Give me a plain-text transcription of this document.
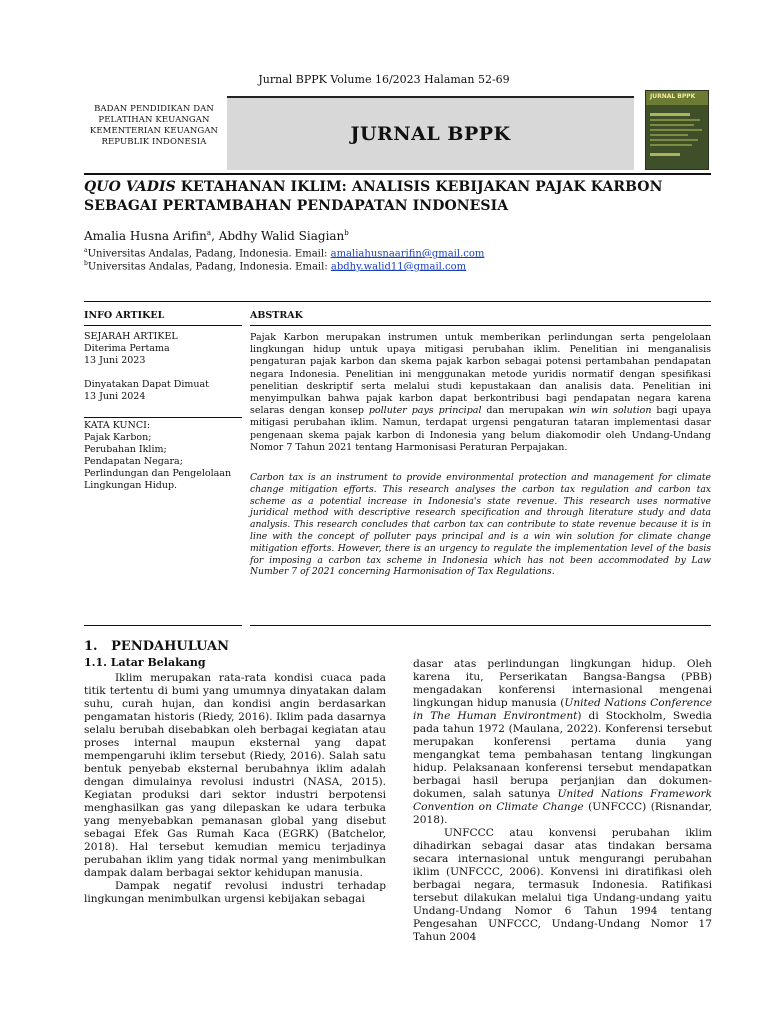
Jurnal BPPK Volume 16/2023 Halaman 52-69
BADAN PENDIDIKAN DAN
PELATIHAN KEUANGAN
KEMENTERIAN KEUANGAN
REPUBLIK INDONESIA	JURNAL BPPK
JURNAL BPPK
QUO VADIS KETAHANAN IKLIM: ANALISIS KEBIJAKAN PAJAK KARBON
SEBAGAI PERTAMBAHAN PENDAPATAN INDONESIA
Amalia Husna Arifin$^a$, Abdhy Walid Siagian$^b$
$^a$Universitas Andalas, Padang, Indonesia. Email: amaliahusnaarifin@gmail.com
$^b$Universitas Andalas, Padang, Indonesia. Email: abdhy.walid11@gmail.com
INFO ARTIKEL	ABSTRAK
SEJARAH ARTIKEL
Diterima Pertama
13 Juni 2023
Dinyatakan Dapat Dimuat
13 Juni 2024
KATA KUNCI:
Pajak Karbon;
Perubahan Iklim;
Pendapatan Negara;
Perlindungan dan Pengelolaan
Lingkungan Hidup.
Pajak Karbon merupakan instrumen untuk memberikan perlindungan serta pengelolaan lingkungan hidup untuk upaya mitigasi perubahan iklim. Penelitian ini menganalisis pengaturan pajak karbon dan skema pajak karbon sebagai potensi pertambahan pendapatan negara Indonesia. Penelitian ini menggunakan metode yuridis normatif dengan spesifikasi penelitian deskriptif serta melalui studi kepustakaan dan analisis data. Penelitian ini menyimpulkan bahwa pajak karbon dapat berkontribusi bagi pendapatan negara karena selaras dengan konsep polluter pays principal dan merupakan win win solution bagi upaya mitigasi perubahan iklim. Namun, terdapat urgensi pengaturan tataran implementasi dasar pengenaan skema pajak karbon di Indonesia yang belum diakomodir oleh Undang-Undang Nomor 7 Tahun 2021 tentang Harmonisasi Peraturan Perpajakan.
Carbon tax is an instrument to provide environmental protection and management for climate change mitigation efforts. This research analyses the carbon tax regulation and carbon tax scheme as a potential increase in Indonesia's state revenue. This research uses normative juridical method with descriptive research specification and through literature study and data analysis. This research concludes that carbon tax can contribute to state revenue because it is in line with the concept of polluter pays principal and is a win win solution for climate change mitigation efforts. However, there is an urgency to regulate the implementation level of the basis for imposing a carbon tax scheme in Indonesia which has not been accommodated by Law Number 7 of 2021 concerning Harmonisation of Tax Regulations.
1.   PENDAHULUAN
1.1. Latar Belakang

Iklim merupakan rata-rata kondisi cuaca pada titik tertentu di bumi yang umumnya dinyatakan dalam suhu, curah hujan, dan kondisi angin berdasarkan pengamatan historis (Riedy, 2016). Iklim pada dasarnya selalu berubah disebabkan oleh berbagai kegiatan atau proses internal maupun eksternal yang dapat mempengaruhi iklim tersebut (Riedy, 2016). Salah satu bentuk penyebab eksternal berubahnya iklim adalah dengan dimulainya revolusi industri (NASA, 2015). Kegiatan produksi dari sektor industri berpotensi menghasilkan gas yang dilepaskan ke udara terbuka yang menyebabkan pemanasan global yang disebut sebagai Efek Gas Rumah Kaca (EGRK) (Batchelor, 2018). Hal tersebut kemudian memicu terjadinya perubahan iklim yang tidak normal yang menimbulkan dampak dalam berbagai sektor kehidupan manusia.

Dampak negatif revolusi industri terhadap lingkungan menimbulkan urgensi kebijakan sebagai

dasar atas perlindungan lingkungan hidup. Oleh karena itu, Perserikatan Bangsa-Bangsa (PBB) mengadakan konferensi internasional mengenai lingkungan hidup manusia (United Nations Conference in The Human Environtment) di Stockholm, Swedia pada tahun 1972 (Maulana, 2022). Konferensi tersebut merupakan konferensi pertama dunia yang mengangkat tema pembahasan tentang lingkungan hidup. Pelaksanaan konferensi tersebut mendapatkan berbagai hasil berupa perjanjian dan dokumen-dokumen, salah satunya United Nations Framework Convention on Climate Change (UNFCCC) (Risnandar, 2018).

UNFCCC atau konvensi perubahan iklim dihadirkan sebagai dasar atas tindakan bersama secara internasional untuk mengurangi perubahan iklim (UNFCCC, 2006). Konvensi ini diratifikasi oleh berbagai negara, termasuk Indonesia. Ratifikasi tersebut dilakukan melalui tiga Undang-undang yaitu Undang-Undang Nomor 6 Tahun 1994 tentang Pengesahan UNFCCC, Undang-Undang Nomor 17 Tahun 2004
